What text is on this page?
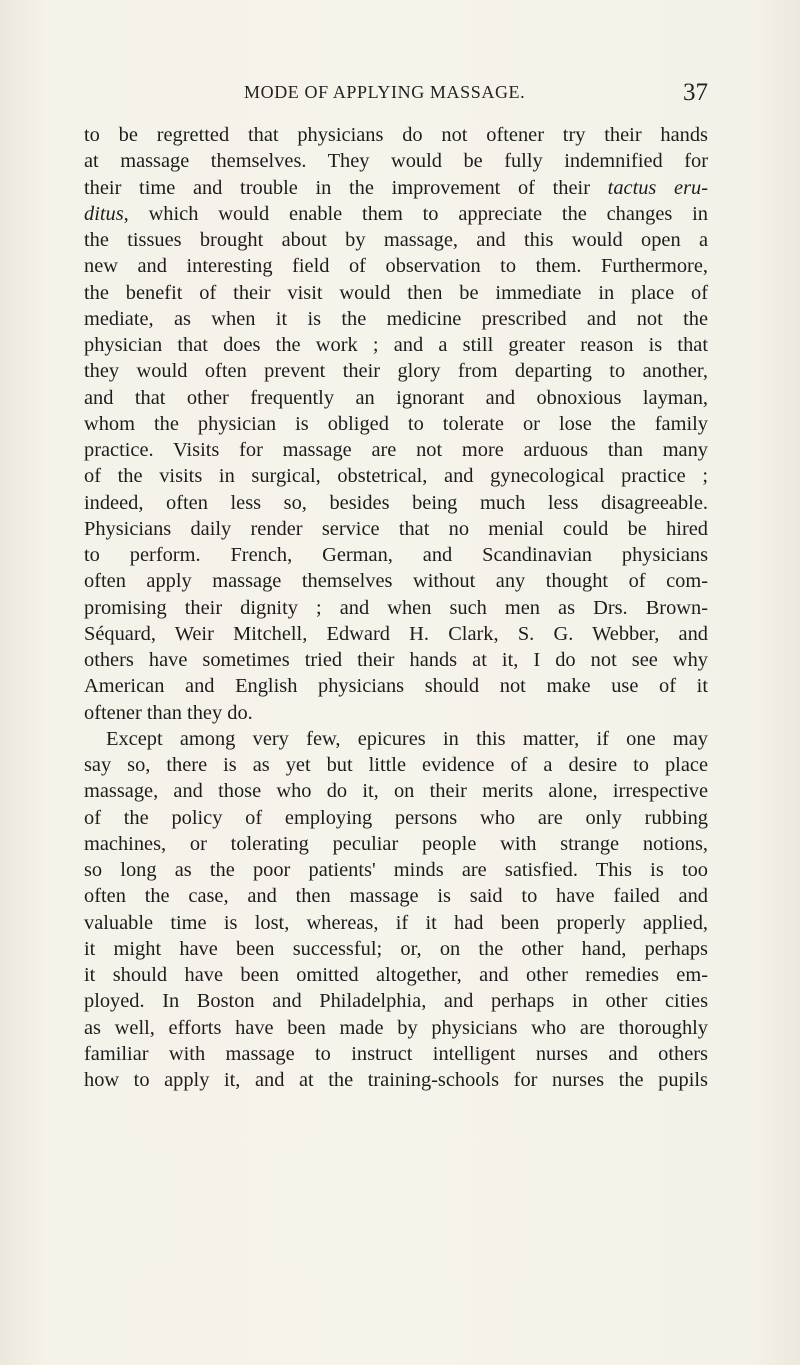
MODE OF APPLYING MASSAGE.	37
to be regretted that physicians do not oftener try their hands
at massage themselves. They would be fully indemnified for
their time and trouble in the improvement of their tactus eru-
ditus, which would enable them to appreciate the changes in
the tissues brought about by massage, and this would open a
new and interesting field of observation to them. Furthermore,
the benefit of their visit would then be immediate in place of
mediate, as when it is the medicine prescribed and not the
physician that does the work ; and a still greater reason is that
they would often prevent their glory from departing to another,
and that other frequently an ignorant and obnoxious layman,
whom the physician is obliged to tolerate or lose the family
practice. Visits for massage are not more arduous than many
of the visits in surgical, obstetrical, and gynecological practice ;
indeed, often less so, besides being much less disagreeable.
Physicians daily render service that no menial could be hired
to perform. French, German, and Scandinavian physicians
often apply massage themselves without any thought of com-
promising their dignity ; and when such men as Drs. Brown-
Séquard, Weir Mitchell, Edward H. Clark, S. G. Webber, and
others have sometimes tried their hands at it, I do not see why
American and English physicians should not make use of it
oftener than they do.
Except among very few, epicures in this matter, if one may
say so, there is as yet but little evidence of a desire to place
massage, and those who do it, on their merits alone, irrespective
of the policy of employing persons who are only rubbing
machines, or tolerating peculiar people with strange notions,
so long as the poor patients' minds are satisfied. This is too
often the case, and then massage is said to have failed and
valuable time is lost, whereas, if it had been properly applied,
it might have been successful; or, on the other hand, perhaps
it should have been omitted altogether, and other remedies em-
ployed. In Boston and Philadelphia, and perhaps in other cities
as well, efforts have been made by physicians who are thoroughly
familiar with massage to instruct intelligent nurses and others
how to apply it, and at the training-schools for nurses the pupils
